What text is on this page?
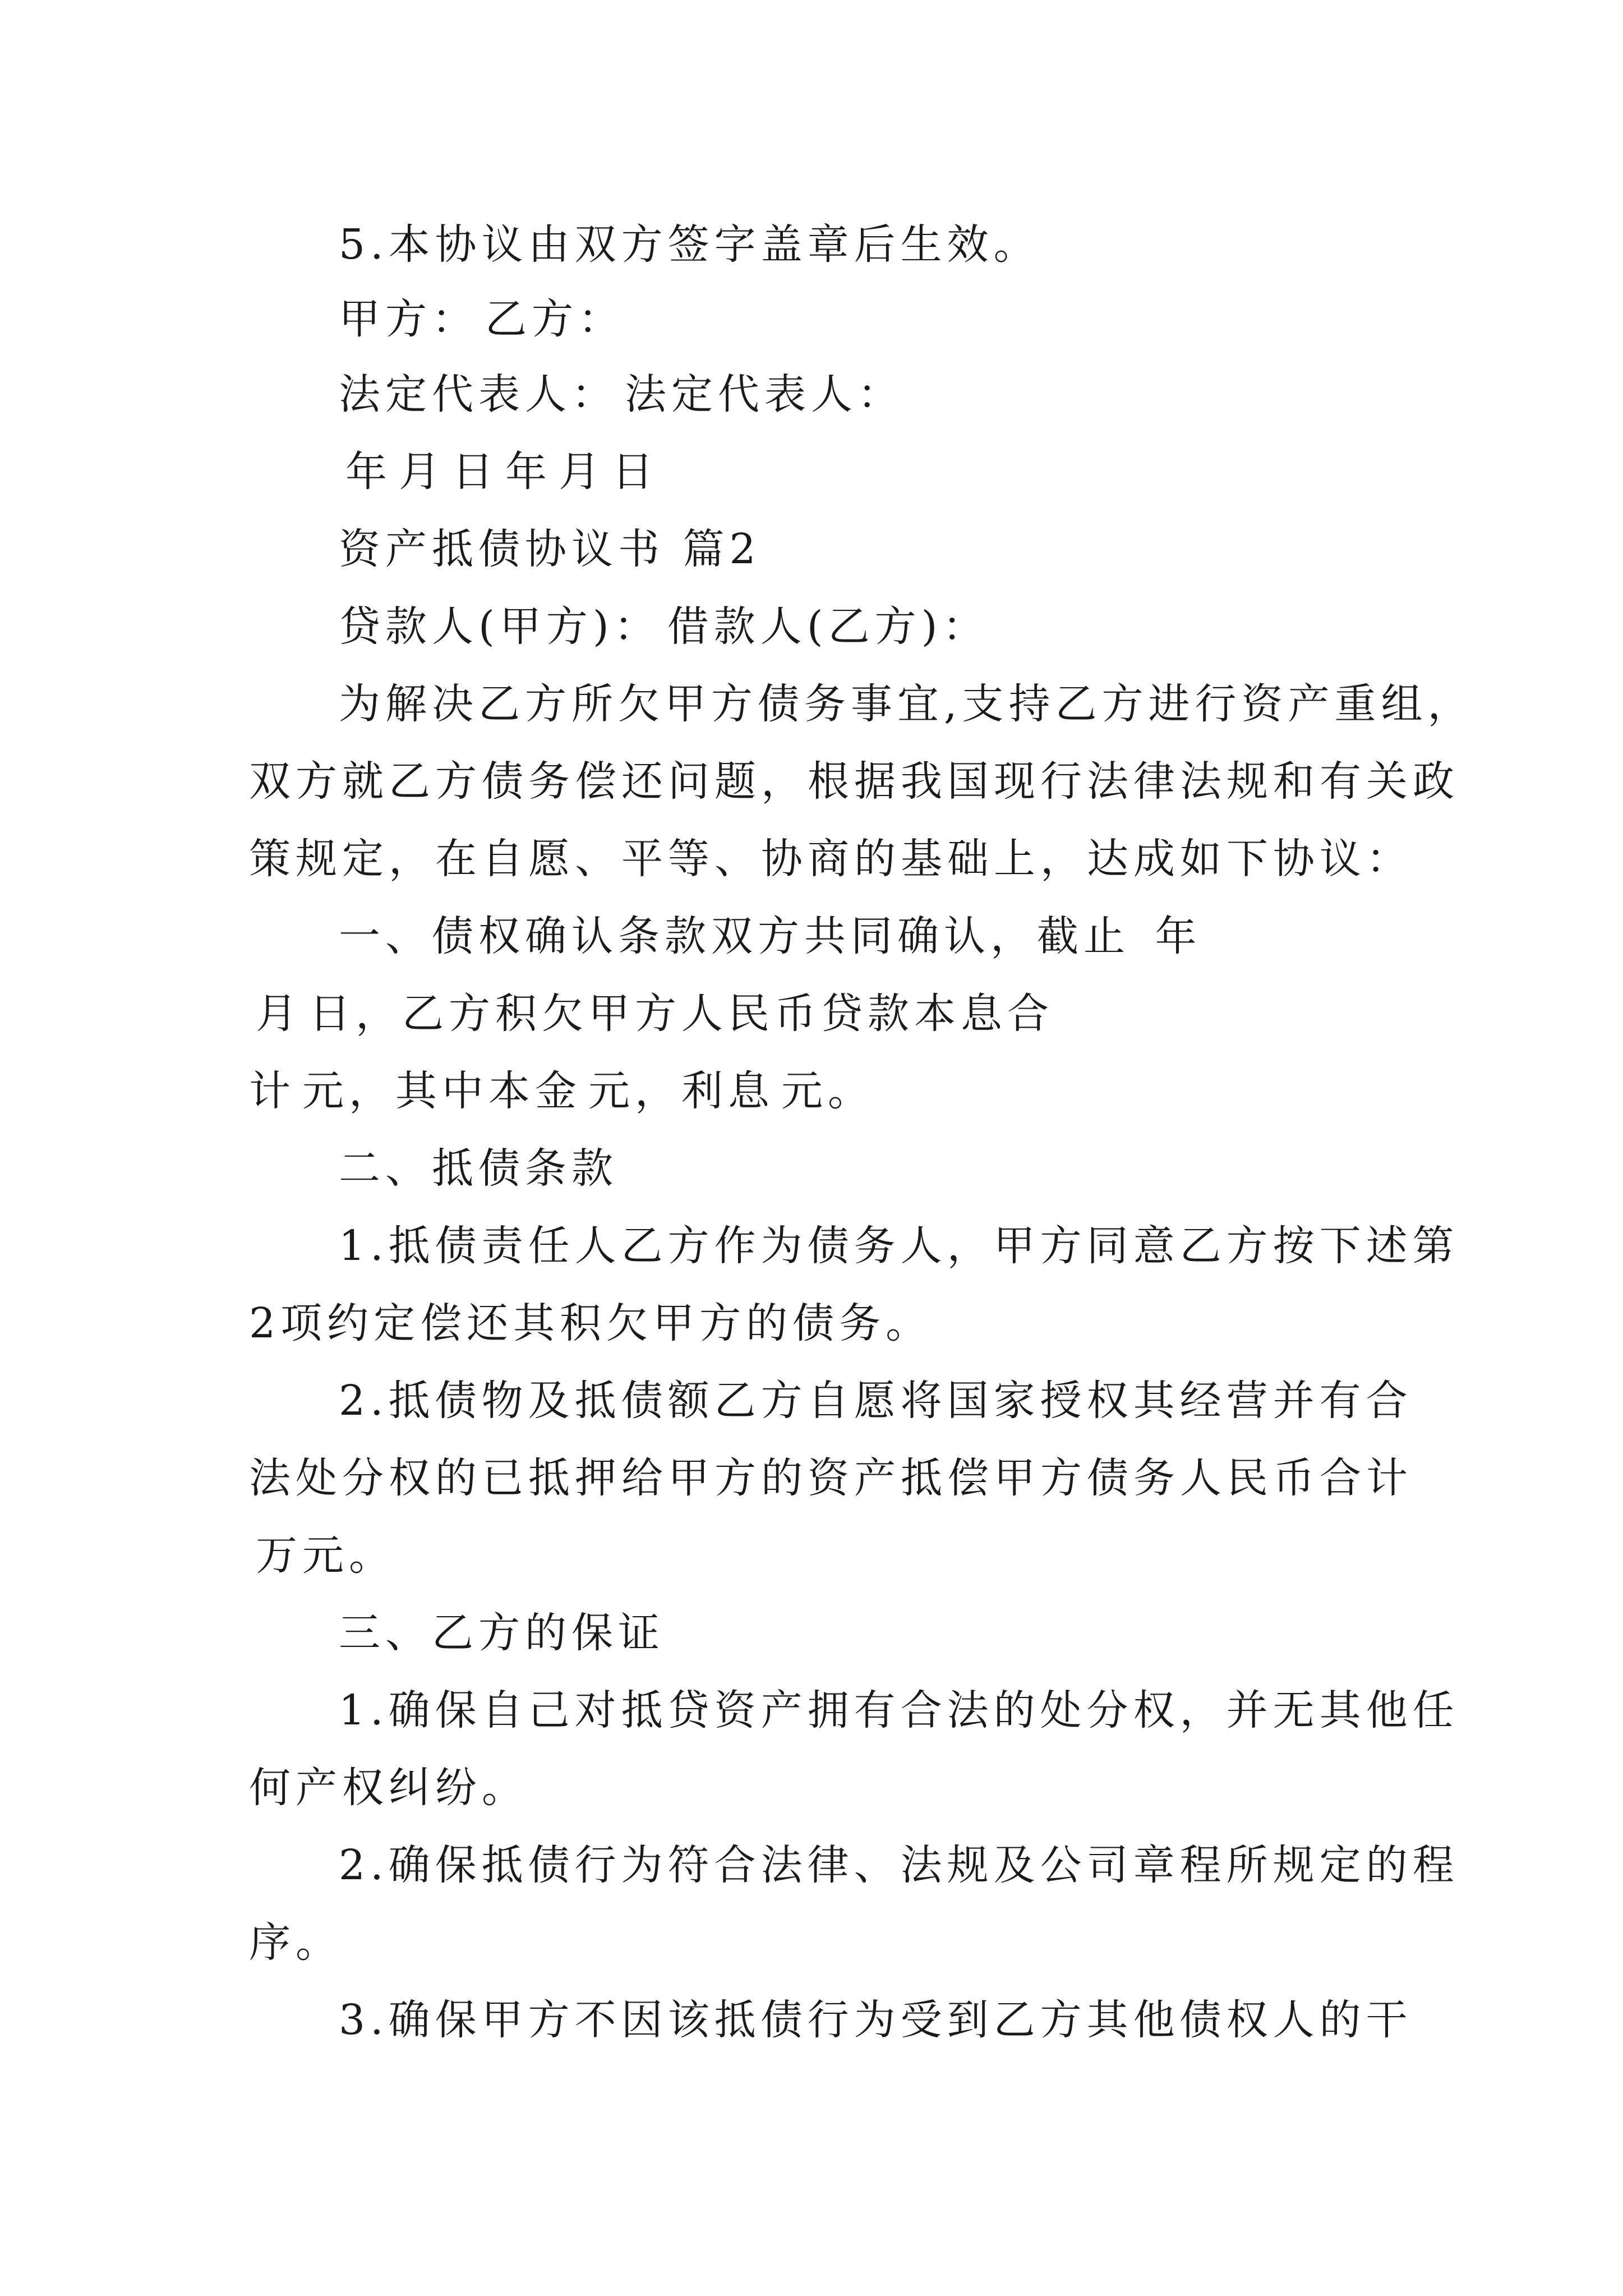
5.本协议由双方签字盖章后生效。
甲方： 乙方：
法定代表人： 法定代表人：
年 月 日 年 月 日
资产抵债协议书 篇2
贷款人(甲方)： 借款人(乙方)：
为解决乙方所欠甲方债务事宜,支持乙方进行资产重组，
双方就乙方债务偿还问题，根据我国现行法律法规和有关政
策规定，在自愿、平等、协商的基础上，达成如下协议：
一、债权确认条款双方共同确认，截止 年
月 日，乙方积欠甲方人民币贷款本息合
计 元，其中本金 元，利息 元。
二、抵债条款
1.抵债责任人乙方作为债务人，甲方同意乙方按下述第
2项约定偿还其积欠甲方的债务。
2.抵债物及抵债额乙方自愿将国家授权其经营并有合
法处分权的已抵押给甲方的资产抵偿甲方债务人民币合计
万元。
三、乙方的保证
1.确保自己对抵贷资产拥有合法的处分权，并无其他任
何产权纠纷。
2.确保抵债行为符合法律、法规及公司章程所规定的程
序。
3.确保甲方不因该抵债行为受到乙方其他债权人的干
